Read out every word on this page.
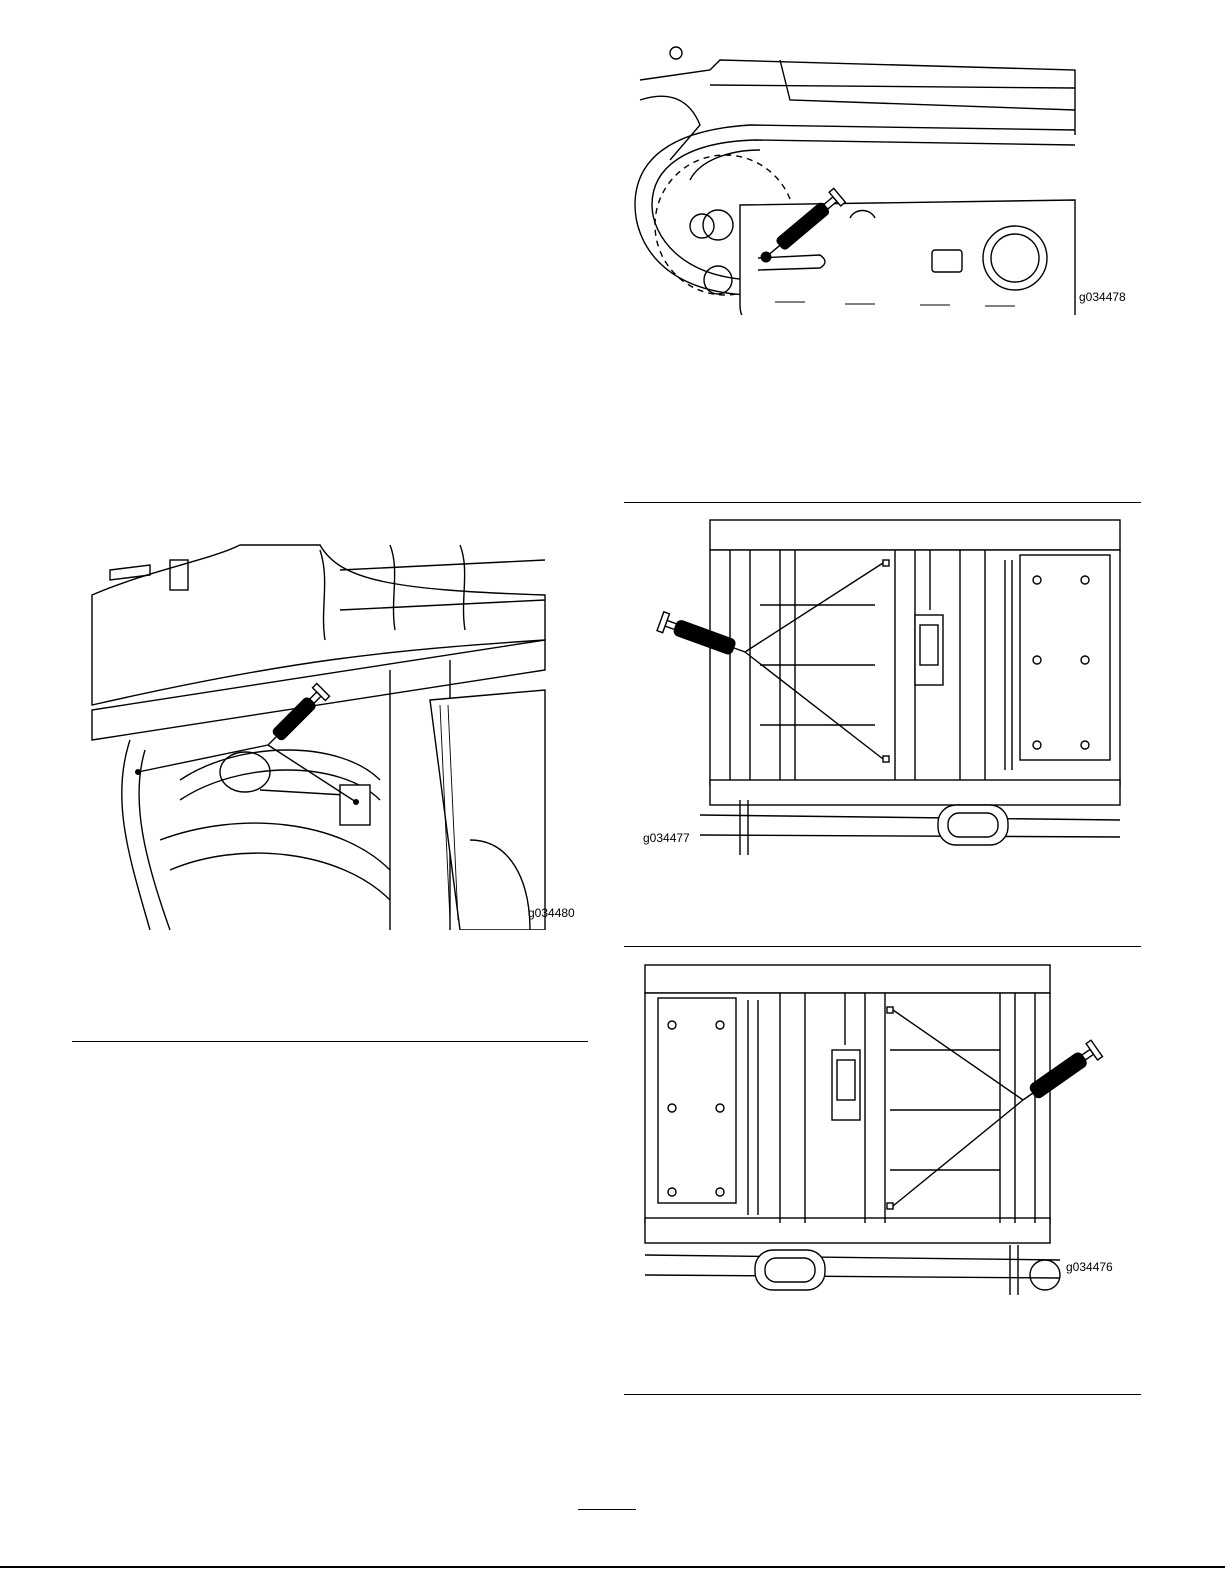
g034478
g034480
g034477
g034476
